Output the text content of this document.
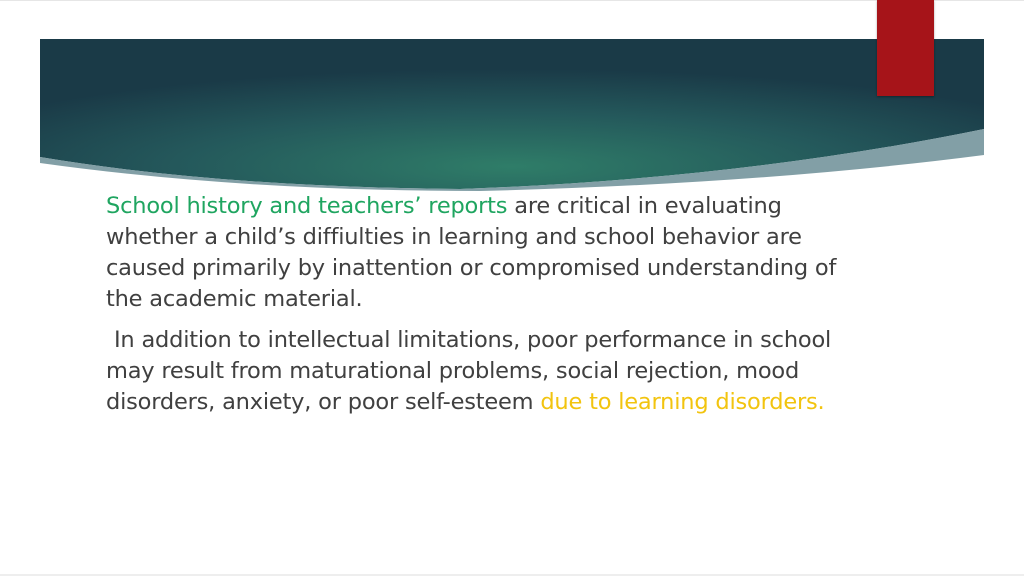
School history and teachers’ reports are critical in evaluating whether a child’s diffiulties in learning and school behavior are caused primarily by inattention or compromised understanding of the academic material.

In addition to intellectual limitations, poor performance in school may result from maturational problems, social rejection, mood disorders, anxiety, or poor self-esteem due to learning disorders.
